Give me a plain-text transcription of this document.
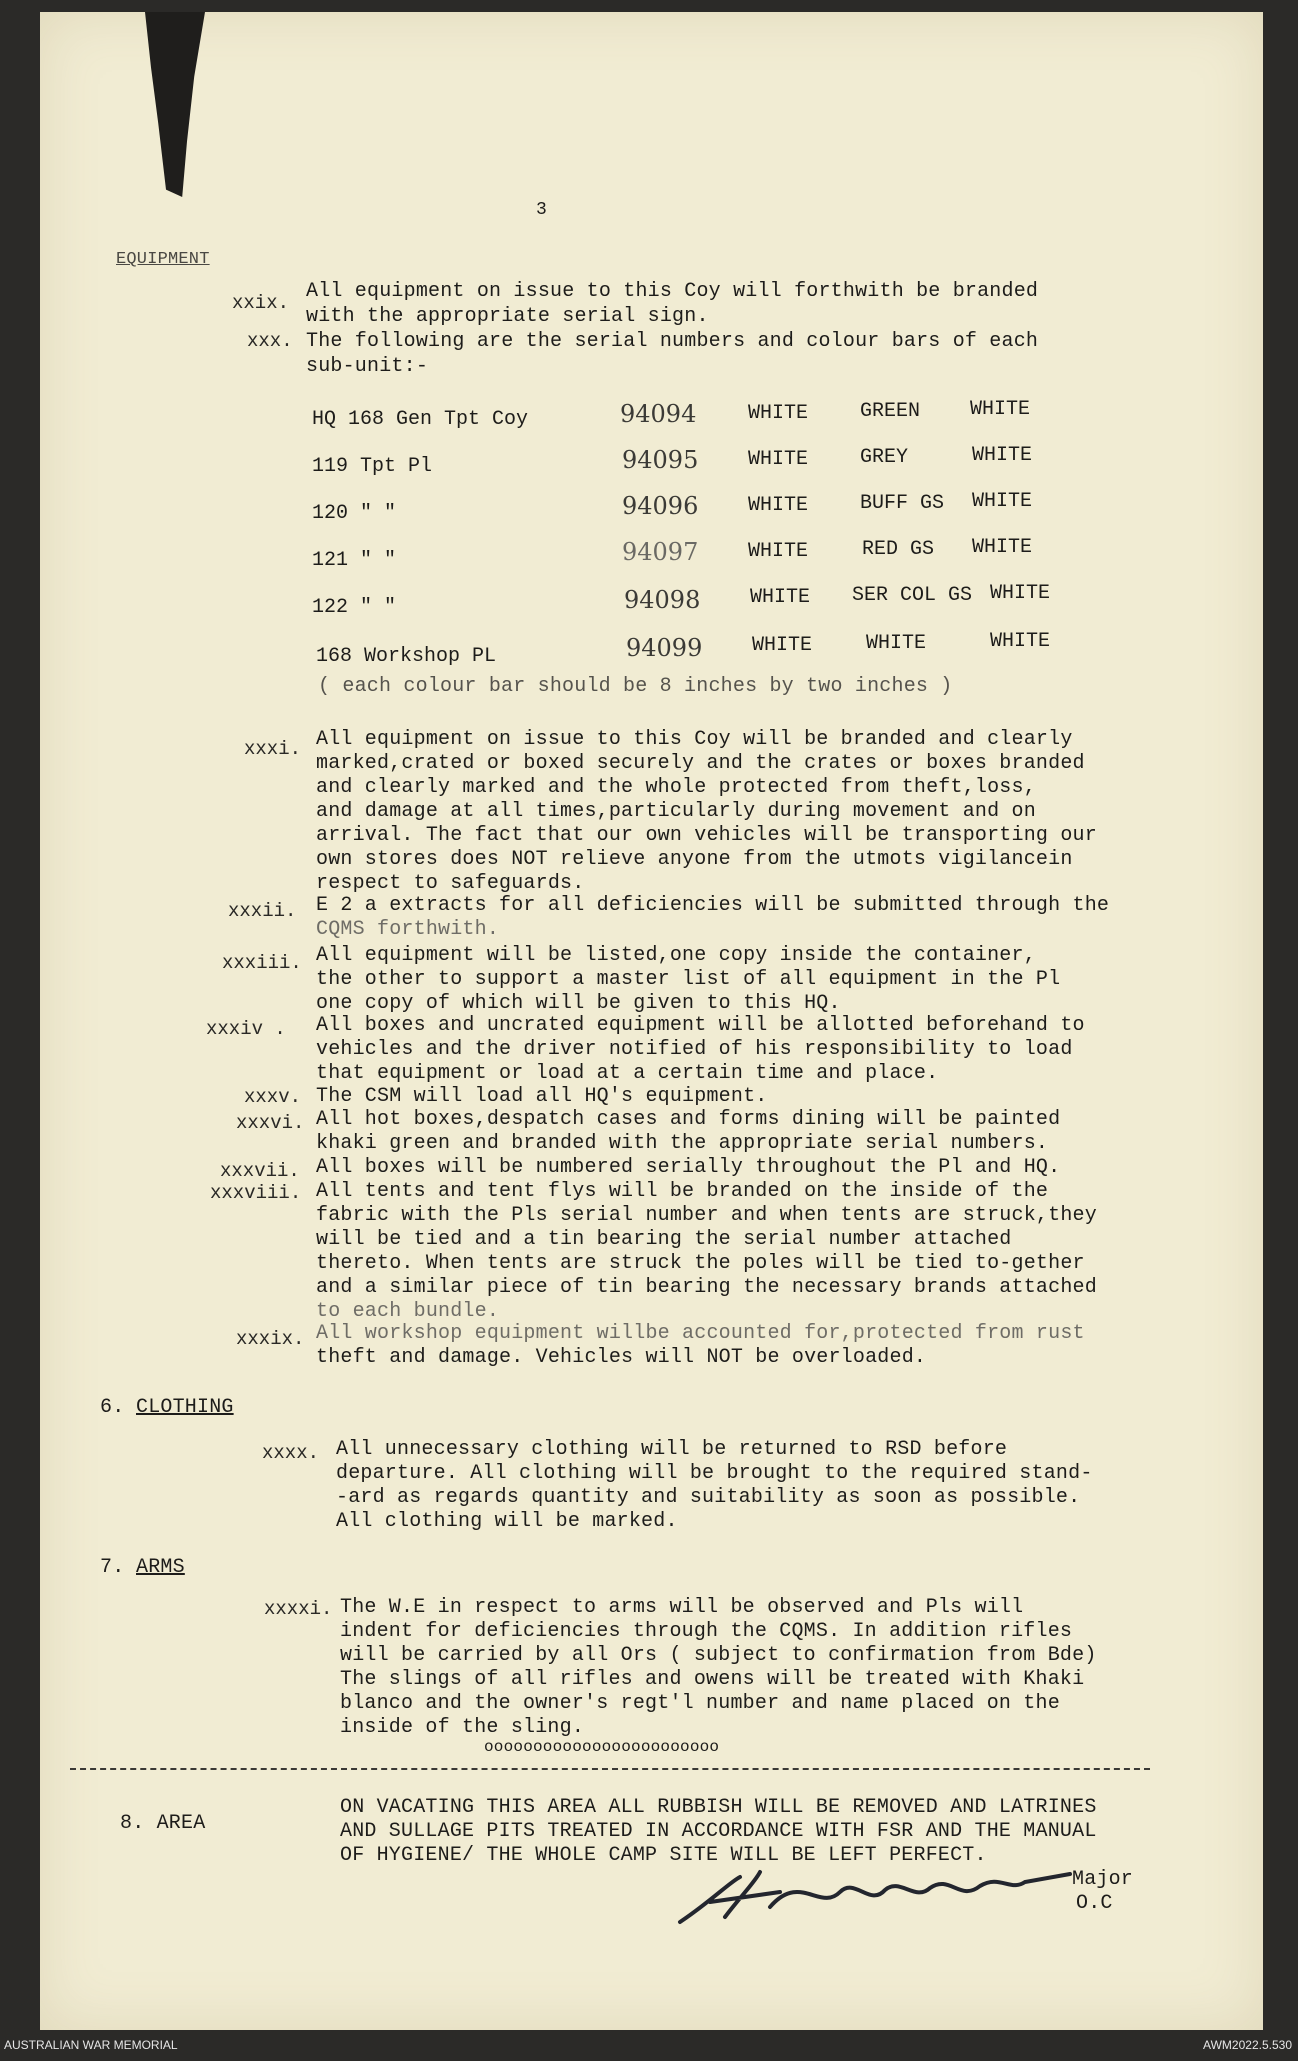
3
EQUIPMENT
xxix. All equipment on issue to this Coy will forthwith be branded
with the appropriate serial sign.
xxx. The following are the serial numbers and colour bars of each
sub-unit:-
HQ 168 Gen Tpt Coy	94094	WHITE	GREEN WHITE
119 Tpt Pl	94095 WHITE	GREY	WHITE
120 " "	94096 WHITE	BUFF GS WHITE
121 " "	94097 WHITE	RED GS WHITE
122 " "	94098 WHITE SER COL GS WHITE
168 Workshop PL	94099 WHITE	WHITE	WHITE
( each colour bar should be 8 inches by two inches )
xxxi. All equipment on issue to this Coy will be branded and clearly
marked,crated or boxed securely and the crates or boxes branded
and clearly marked and the whole protected from theft,loss,
and damage at all times,particularly during movement and on
arrival. The fact that our own vehicles will be transporting our
own stores does NOT relieve anyone from the utmots vigilancein
respect to safeguards.
xxxii. E 2 a extracts for all deficiencies will be submitted through the
CQMS forthwith.
xxxiii. All equipment will be listed,one copy inside the container,
the other to support a master list of all equipment in the Pl
one copy of which will be given to this HQ.
xxxiv . All boxes and uncrated equipment will be allotted beforehand to
vehicles and the driver notified of his responsibility to load
that equipment or load at a certain time and place.
xxxv. The CSM will load all HQ's equipment.
xxxvi. All hot boxes,despatch cases and forms dining will be painted
khaki green and branded with the appropriate serial numbers.
xxxvii. All boxes will be numbered serially throughout the Pl and HQ.
xxxviii. All tents and tent flys will be branded on the inside of the
fabric with the Pls serial number and when tents are struck,they
will be tied and a tin bearing the serial number attached
thereto. When tents are struck the poles will be tied to-gether
and a similar piece of tin bearing the necessary brands attached
to each bundle.
xxxix. All workshop equipment willbe accounted for,protected from rust
theft and damage. Vehicles will NOT be overloaded.
6. CLOTHING
xxxx. All unnecessary clothing will be returned to RSD before
departure. All clothing will be brought to the required stand-
-ard as regards quantity and suitability as soon as possible.
All clothing will be marked.
7. ARMS
xxxxi. The W.E in respect to arms will be observed and Pls will
indent for deficiencies through the CQMS. In addition rifles
will be carried by all Ors ( subject to confirmation from Bde)
The slings of all rifles and owens will be treated with Khaki
blanco and the owner's regt'l number and name placed on the
inside of the sling.
oooooooooooooooooooooooo
8. AREA
ON VACATING THIS AREA ALL RUBBISH WILL BE REMOVED AND LATRINES
AND SULLAGE PITS TREATED IN ACCORDANCE WITH FSR AND THE MANUAL
OF HYGIENE/ THE WHOLE CAMP SITE WILL BE LEFT PERFECT.
Major
O.C
AUSTRALIAN WAR MEMORIAL	AWM2022.5.530
